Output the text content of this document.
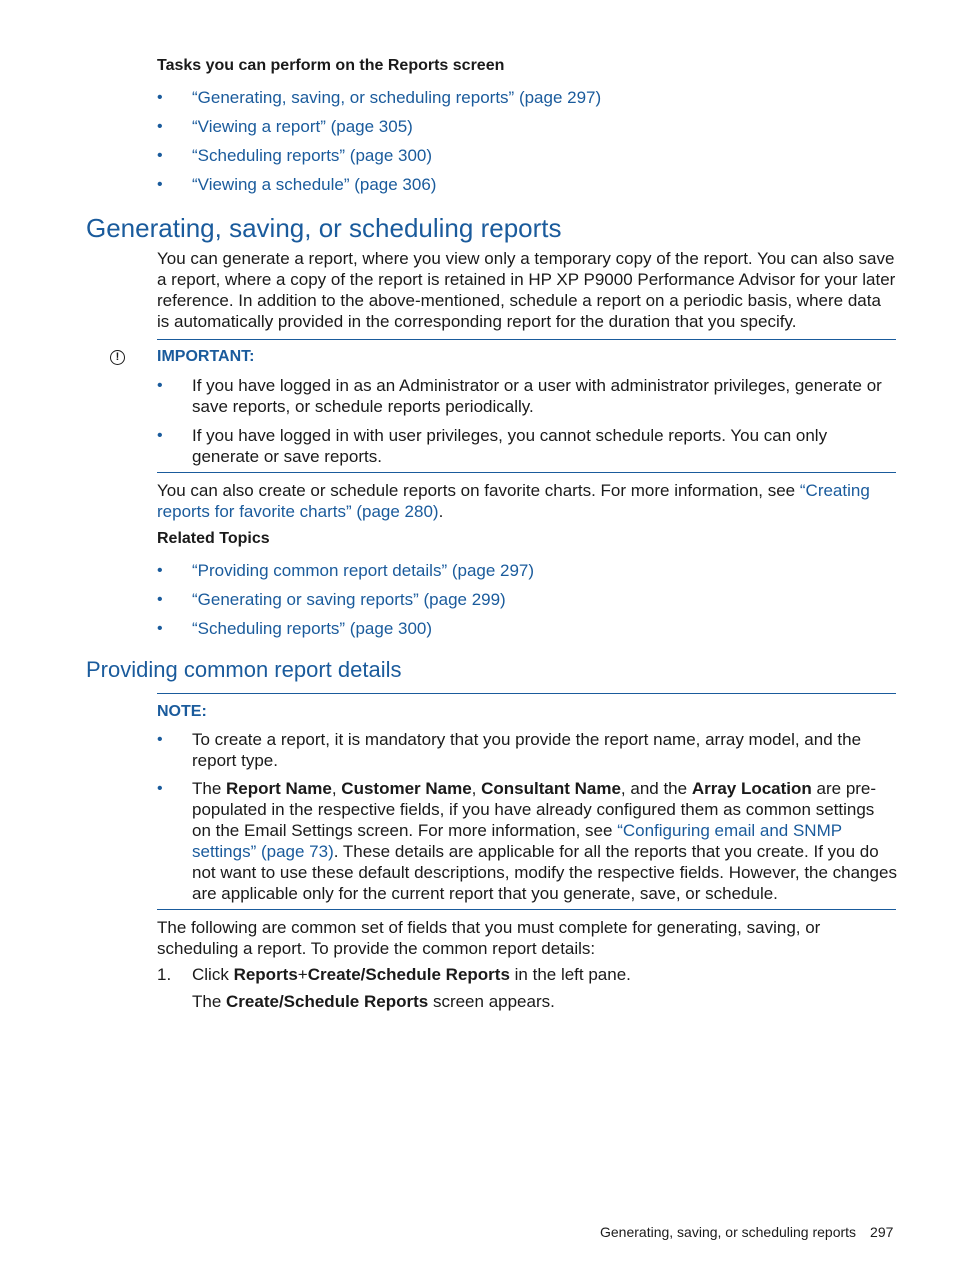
Tasks you can perform on the Reports screen
• “Generating, saving, or scheduling reports” (page 297)
• “Viewing a report” (page 305)
• “Scheduling reports” (page 300)
• “Viewing a schedule” (page 306)
Generating, saving, or scheduling reports
You can generate a report, where you view only a temporary copy of the report. You can also save a report, where a copy of the report is retained in HP XP P9000 Performance Advisor for your later reference. In addition to the above-mentioned, schedule a report on a periodic basis, where data is automatically provided in the corresponding report for the duration that you specify.
!	IMPORTANT:
• If you have logged in as an Administrator or a user with administrator privileges, generate or save reports, or schedule reports periodically.
• If you have logged in with user privileges, you cannot schedule reports. You can only generate or save reports.
You can also create or schedule reports on favorite charts. For more information, see “Creating reports for favorite charts” (page 280).
Related Topics
• “Providing common report details” (page 297)
• “Generating or saving reports” (page 299)
• “Scheduling reports” (page 300)
Providing common report details
NOTE:
• To create a report, it is mandatory that you provide the report name, array model, and the report type.
• The Report Name, Customer Name, Consultant Name, and the Array Location are pre-populated in the respective fields, if you have already configured them as common settings on the Email Settings screen. For more information, see “Configuring email and SNMP settings” (page 73). These details are applicable for all the reports that you create. If you do not want to use these default descriptions, modify the respective fields. However, the changes are applicable only for the current report that you generate, save, or schedule.
The following are common set of fields that you must complete for generating, saving, or scheduling a report. To provide the common report details:
1. Click Reports+Create/Schedule Reports in the left pane.
The Create/Schedule Reports screen appears.
Generating, saving, or scheduling reports 297
